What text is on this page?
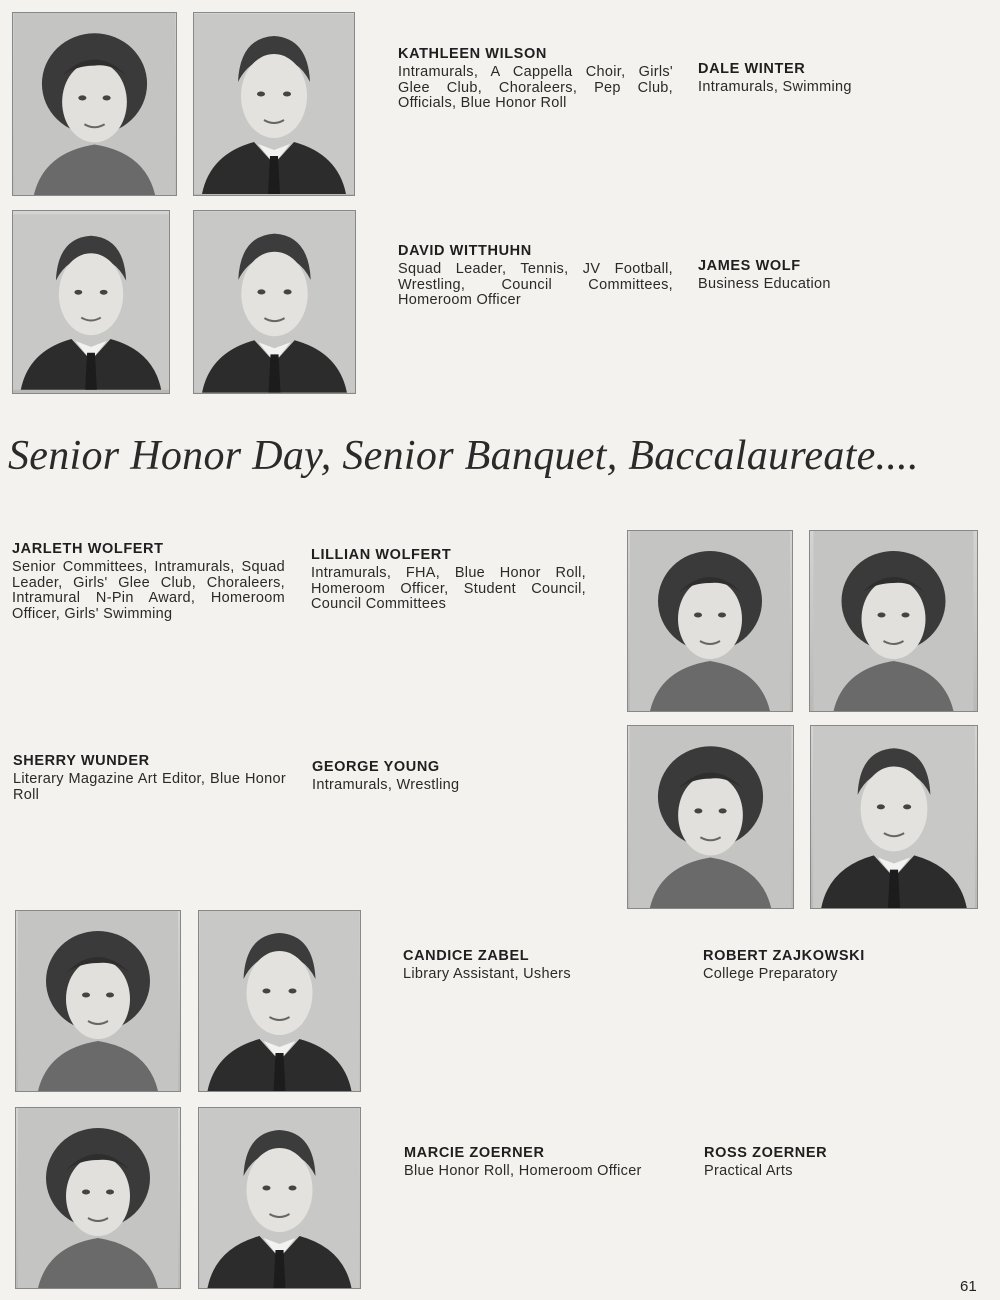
KATHLEEN WILSON

Intramurals, A Cappella Choir, Girls' Glee Club, Choraleers, Pep Club, Officials, Blue Honor Roll

DALE WINTER

Intramurals, Swimming

DAVID WITTHUHN

Squad Leader, Tennis, JV Football, Wrestling, Council Committees, Homeroom Officer

JAMES WOLF

Business Education

Senior Honor Day, Senior Banquet, Baccalaureate....

JARLETH WOLFERT

Senior Committees, Intramurals, Squad Leader, Girls' Glee Club, Choraleers, Intramural N-Pin Award, Homeroom Officer, Girls' Swimming

LILLIAN WOLFERT

Intramurals, FHA, Blue Honor Roll, Homeroom Officer, Student Council, Council Committees

SHERRY WUNDER

Literary Magazine Art Editor, Blue Honor Roll

GEORGE YOUNG

Intramurals, Wrestling

CANDICE ZABEL

Library Assistant, Ushers

ROBERT ZAJKOWSKI

College Preparatory

MARCIE ZOERNER

Blue Honor Roll, Homeroom Officer

ROSS ZOERNER

Practical Arts

61
